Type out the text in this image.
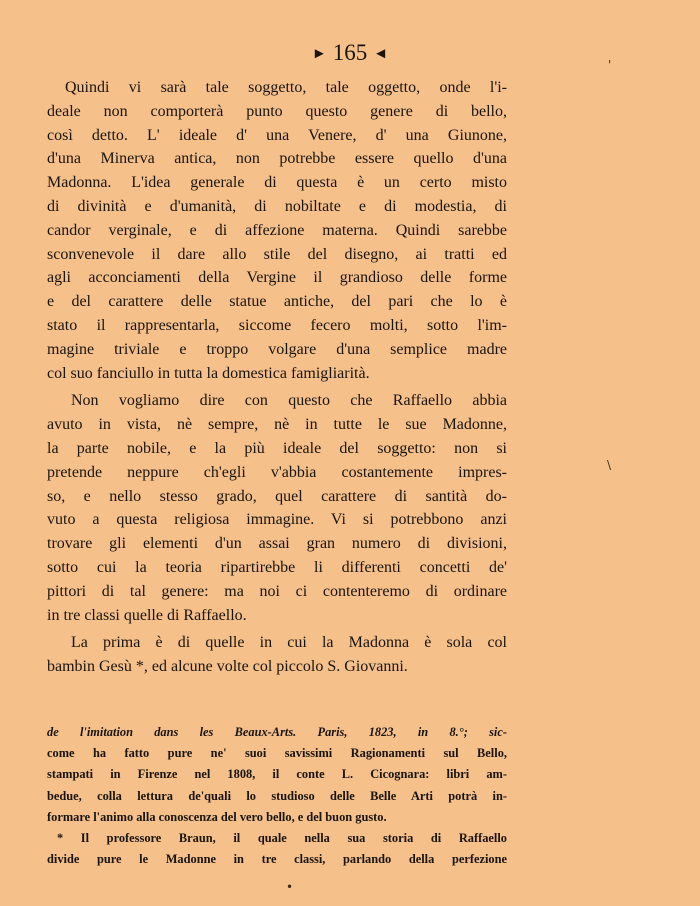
► 165 ◄
Quindi vi sarà tale soggetto, tale oggetto, onde l'i-
deale non comporterà punto questo genere di bello,
così detto. L' ideale d' una Venere, d' una Giunone,
d'una Minerva antica, non potrebbe essere quello d'una
Madonna. L'idea generale di questa è un certo misto
di divinità e d'umanità, di nobiltate e di modestia, di
candor verginale, e di affezione materna. Quindi sarebbe
sconvenevole il dare allo stile del disegno, ai tratti ed
agli acconciamenti della Vergine il grandioso delle forme
e del carattere delle statue antiche, del pari che lo è
stato il rappresentarla, siccome fecero molti, sotto l'im-
magine triviale e troppo volgare d'una semplice madre
col suo fanciullo in tutta la domestica famigliarità.
Non vogliamo dire con questo che Raffaello abbia
avuto in vista, nè sempre, nè in tutte le sue Madonne,
la parte nobile, e la più ideale del soggetto: non si
pretende neppure ch'egli v'abbia costantemente impres-
so, e nello stesso grado, quel carattere di santità do-
vuto a questa religiosa immagine. Vi si potrebbono anzi
trovare gli elementi d'un assai gran numero di divisioni,
sotto cui la teoria ripartirebbe li differenti concetti de'
pittori di tal genere: ma noi ci contenteremo di ordinare
in tre classi quelle di Raffaello.
La prima è di quelle in cui la Madonna è sola col
bambin Gesù *, ed alcune volte col piccolo S. Giovanni.
de l'imitation dans les Beaux-Arts. Paris, 1823, in 8.°; sic-
come ha fatto pure ne' suoi savissimi Ragionamenti sul Bello,
stampati in Firenze nel 1808, il conte L. Cicognara: libri am-
bedue, colla lettura de'quali lo studioso delle Belle Arti potrà in-
formare l'animo alla conoscenza del vero bello, e del buon gusto.
* Il professore Braun, il quale nella sua storia di Raffaello
divide pure le Madonne in tre classi, parlando della perfezione
\
'
•
